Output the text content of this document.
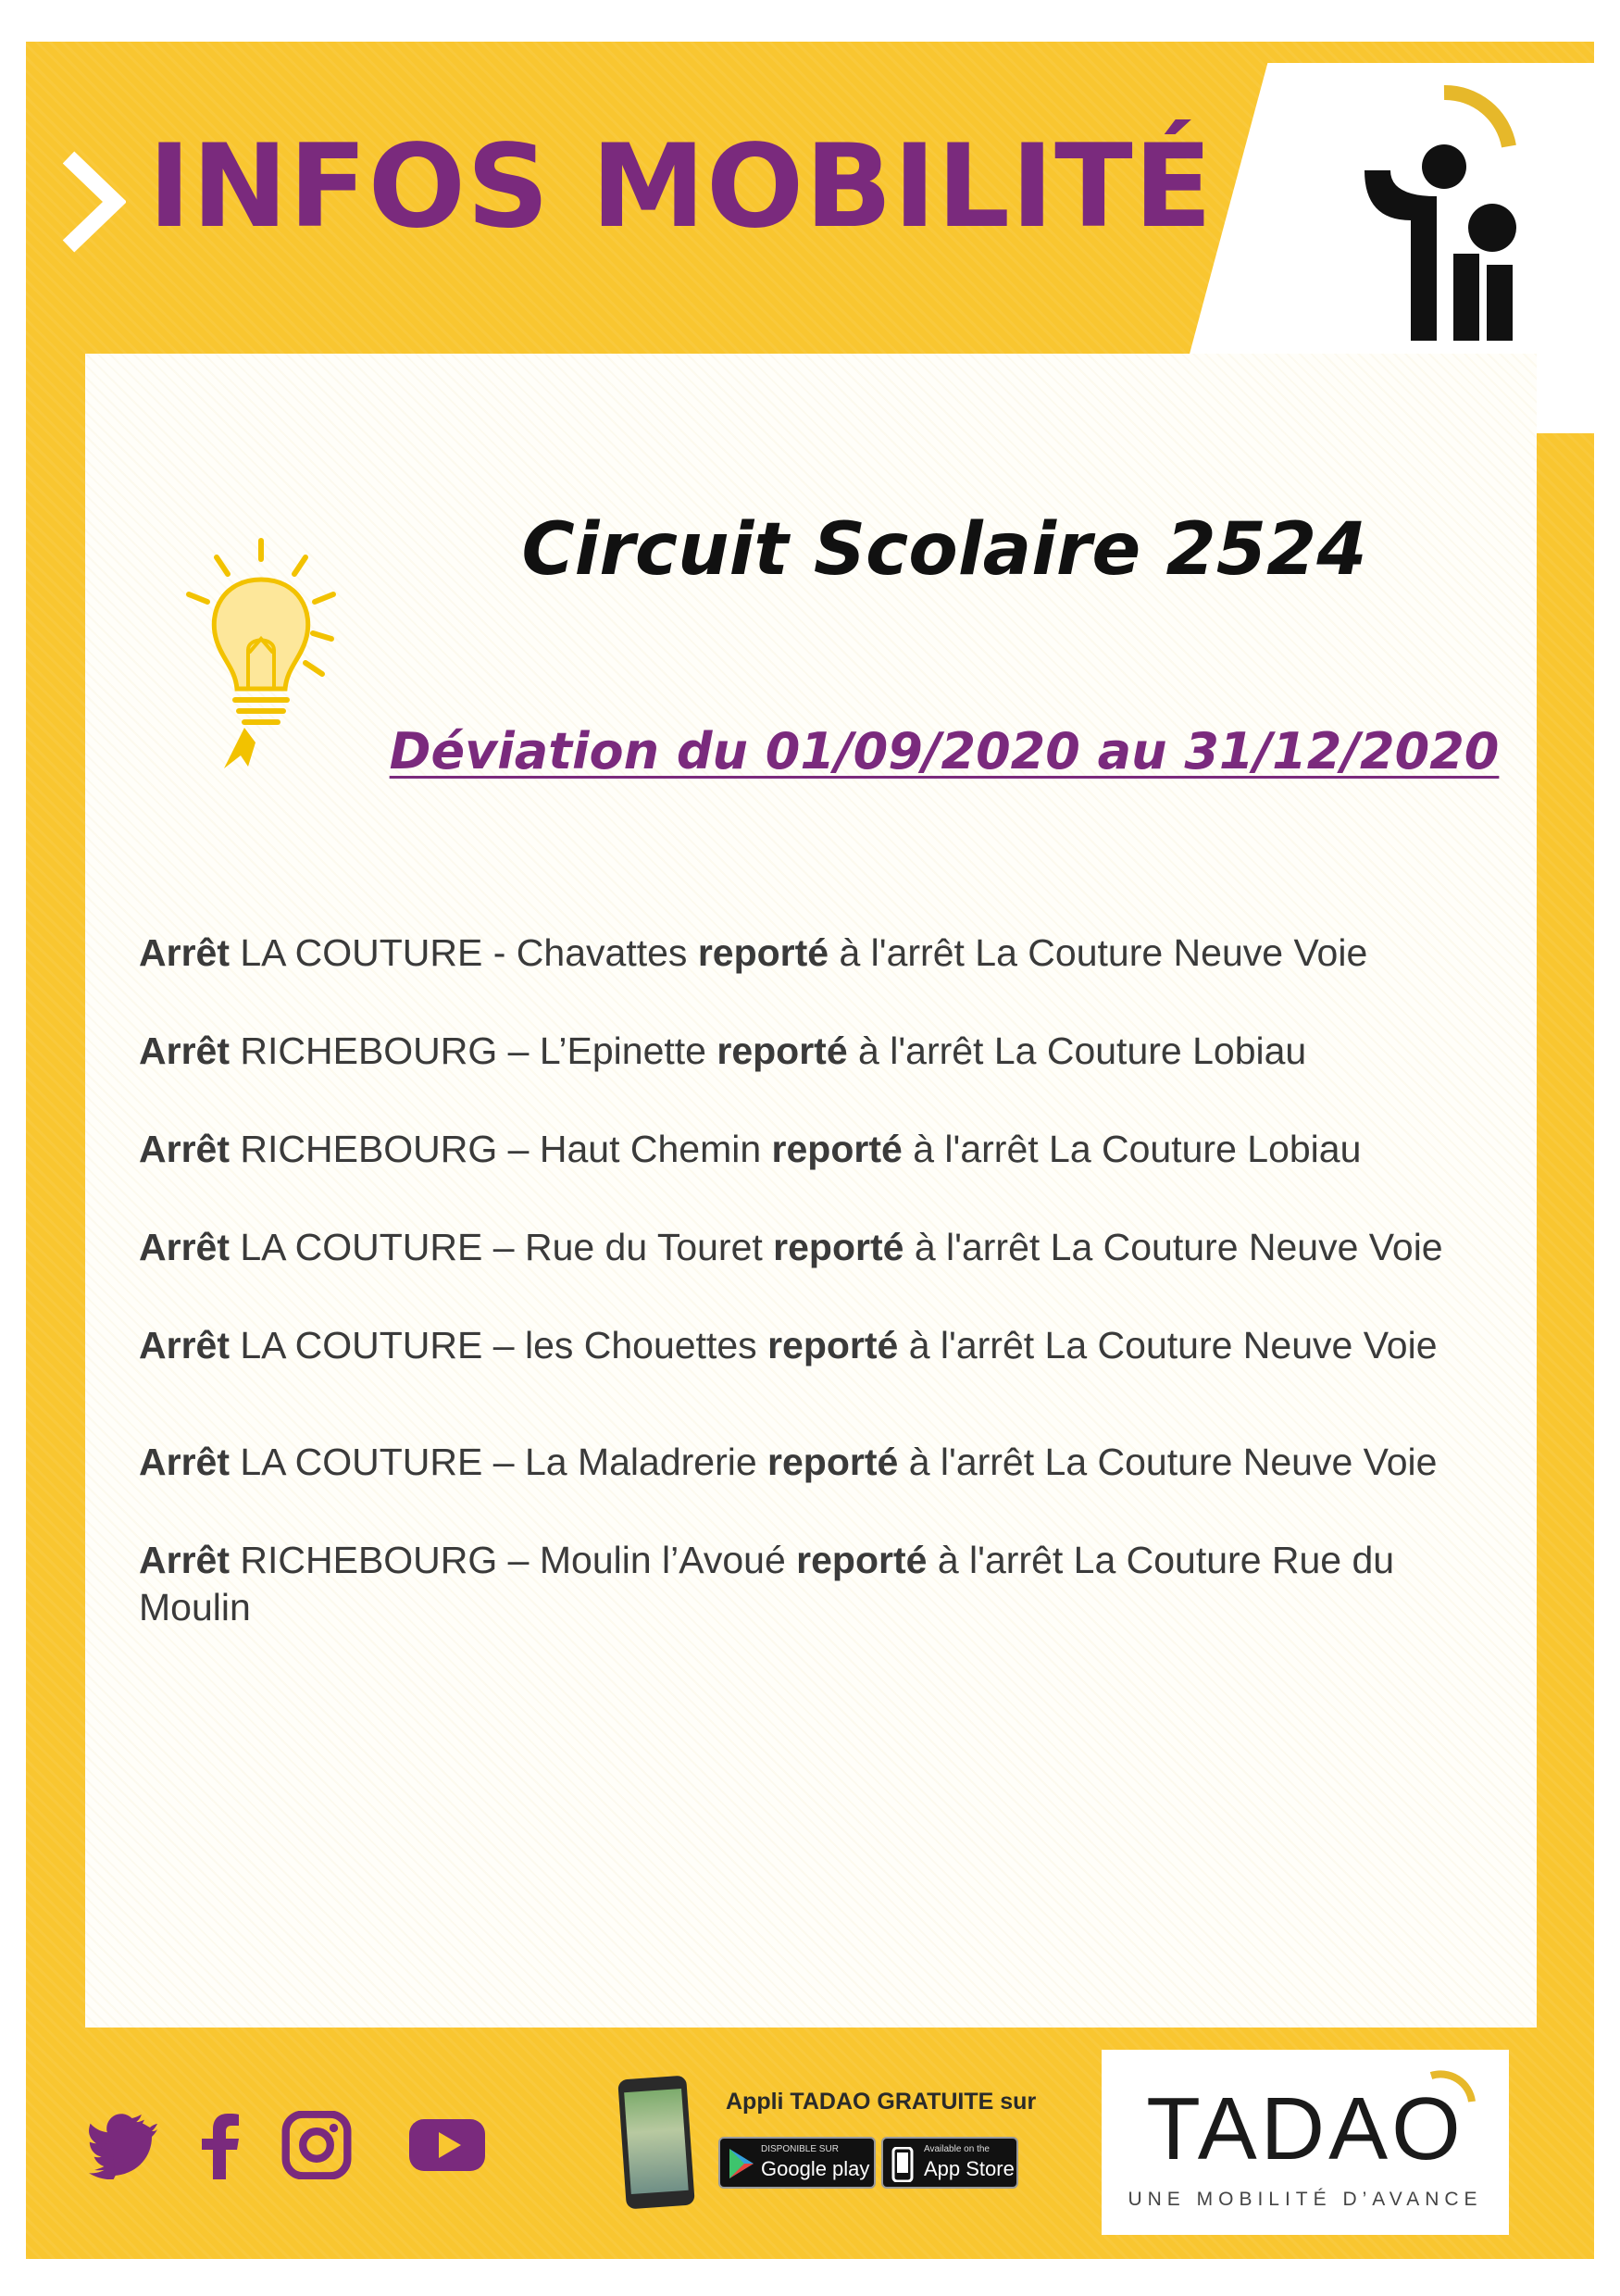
INFOS MOBILITÉ
Circuit Scolaire 2524

Déviation du 01/09/2020 au 31/12/2020

Arrêt LA COUTURE - Chavattes reporté à l'arrêt La Couture Neuve Voie
Arrêt RICHEBOURG – L’Epinette reporté à l'arrêt La Couture Lobiau
Arrêt RICHEBOURG – Haut Chemin reporté à l'arrêt La Couture Lobiau
Arrêt LA COUTURE – Rue du Touret reporté à l'arrêt La Couture Neuve Voie
Arrêt LA COUTURE – les Chouettes reporté à l'arrêt La Couture Neuve Voie
Arrêt LA COUTURE – La Maladrerie reporté à l'arrêt La Couture Neuve Voie
Arrêt RICHEBOURG – Moulin l’Avoué reporté à l'arrêt La Couture Rue du Moulin
Appli TADAO GRATUITE sur
DISPONIBLE SUR
Google play
Available on the
App Store	TADAO
UNE MOBILITÉ D’AVANCE
